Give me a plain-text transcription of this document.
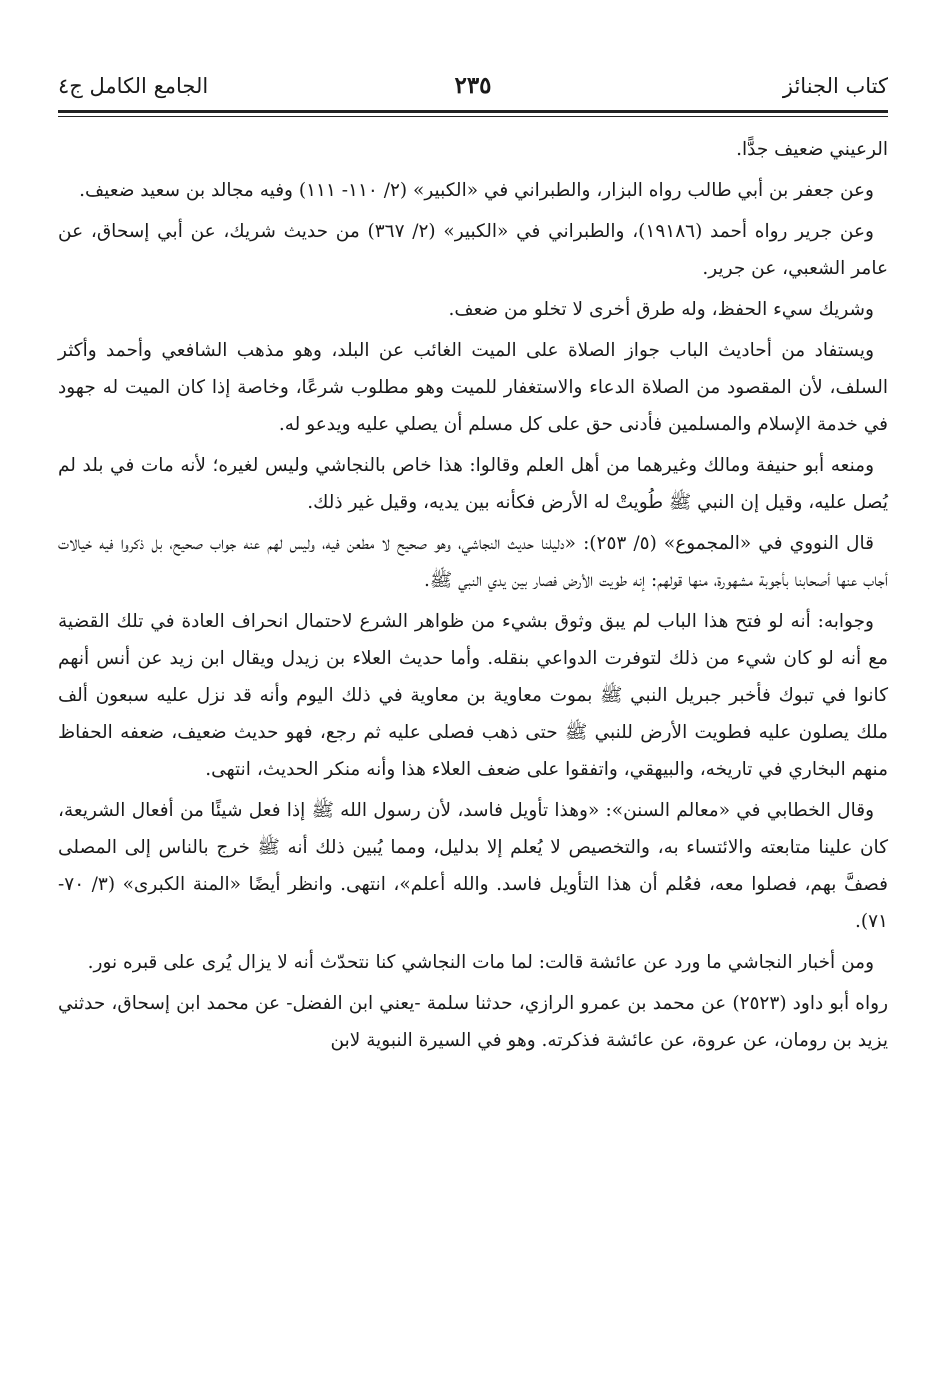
كتاب الجنائز
٢٣٥
الجامع الكامل ج٤

الرعيني ضعيف جدًّا.

وعن جعفر بن أبي طالب رواه البزار، والطبراني في «الكبير» (٢/ ١١٠- ١١١) وفيه مجالد بن سعيد ضعيف.

وعن جرير رواه أحمد (١٩١٨٦)، والطبراني في «الكبير» (٢/ ٣٦٧) من حديث شريك، عن أبي إسحاق، عن عامر الشعبي، عن جرير.

وشريك سيء الحفظ، وله طرق أخرى لا تخلو من ضعف.

ويستفاد من أحاديث الباب جواز الصلاة على الميت الغائب عن البلد، وهو مذهب الشافعي وأحمد وأكثر السلف، لأن المقصود من الصلاة الدعاء والاستغفار للميت وهو مطلوب شرعًا، وخاصة إذا كان الميت له جهود في خدمة الإسلام والمسلمين فأدنى حق على كل مسلم أن يصلي عليه ويدعو له.

ومنعه أبو حنيفة ومالك وغيرهما من أهل العلم وقالوا: هذا خاص بالنجاشي وليس لغيره؛ لأنه مات في بلد لم يُصل عليه، وقيل إن النبي ﷺ طُويتْ له الأرض فكأنه بين يديه، وقيل غير ذلك.

قال النووي في «المجموع» (٥/ ٢٥٣): «دليلنا حديث النجاشي، وهو صحيح لا مطعن فيه، وليس لهم عنه جواب صحيح، بل ذكروا فيه خيالات أجاب عنها أصحابنا بأجوبة مشهورة، منها قولهم: إنه طويت الأرض فصار بين يدي النبي ﷺ.

وجوابه: أنه لو فتح هذا الباب لم يبق وثوق بشيء من ظواهر الشرع لاحتمال انحراف العادة في تلك القضية مع أنه لو كان شيء من ذلك لتوفرت الدواعي بنقله. وأما حديث العلاء بن زيدل ويقال ابن زيد عن أنس أنهم كانوا في تبوك فأخبر جبريل النبي ﷺ بموت معاوية بن معاوية في ذلك اليوم وأنه قد نزل عليه سبعون ألف ملك يصلون عليه فطويت الأرض للنبي ﷺ حتى ذهب فصلى عليه ثم رجع، فهو حديث ضعيف، ضعفه الحفاظ منهم البخاري في تاريخه، والبيهقي، واتفقوا على ضعف العلاء هذا وأنه منكر الحديث، انتهى.

وقال الخطابي في «معالم السنن»: «وهذا تأويل فاسد، لأن رسول الله ﷺ إذا فعل شيئًا من أفعال الشريعة، كان علينا متابعته والائتساء به، والتخصيص لا يُعلم إلا بدليل، ومما يُبين ذلك أنه ﷺ خرج بالناس إلى المصلى فصفَّ بهم، فصلوا معه، فعُلم أن هذا التأويل فاسد. والله أعلم»، انتهى. وانظر أيضًا «المنة الكبرى» (٣/ ٧٠- ٧١).

ومن أخبار النجاشي ما ورد عن عائشة قالت: لما مات النجاشي كنا نتحدّث أنه لا يزال يُرى على قبره نور.

رواه أبو داود (٢٥٢٣) عن محمد بن عمرو الرازي، حدثنا سلمة -يعني ابن الفضل- عن محمد ابن إسحاق، حدثني يزيد بن رومان، عن عروة، عن عائشة فذكرته. وهو في السيرة النبوية لابن
